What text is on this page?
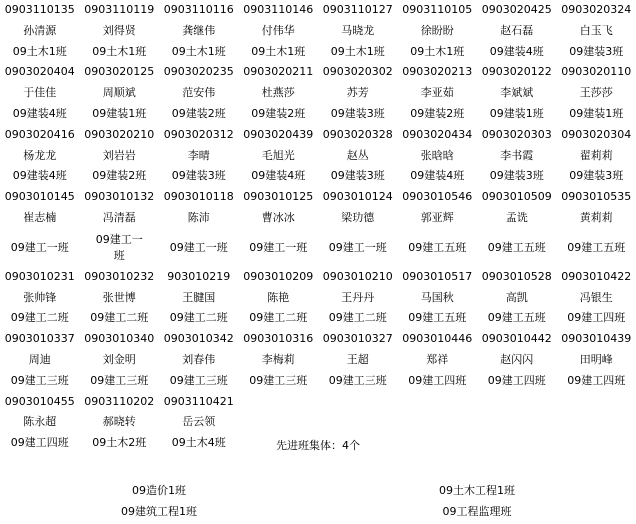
0903110135	0903110119	0903110116	0903110146	0903110127	0903110105	0903020425	0903020324
孙清源	刘得贤	龚继伟	付伟华	马晓龙	徐盼盼	赵石磊	白玉飞
09土木1班	09土木1班	09土木1班	09土木1班	09土木1班	09土木1班	09建装4班	09建装3班
0903020404	0903020125	0903020235	0903020211	0903020302	0903020213	0903020122	0903020110
于佳佳	周顺斌	范安伟	杜燕莎	苏芳	李亚茹	李斌斌	王莎莎
09建装4班	09建装1班	09建装2班	09建装2班	09建装3班	09建装2班	09建装1班	09建装1班
0903020416	0903020210	0903020312	0903020439	0903020328	0903020434	0903020303	0903020304
杨龙龙	刘岩岩	李晴	毛旭光	赵丛	张晗晗	李书霞	翟莉莉
09建装4班	09建装2班	09建装3班	09建装4班	09建装3班	09建装4班	09建装3班	09建装3班
0903010145	0903010132	0903010118	0903010125	0903010124	0903010546	0903010509	0903010535
崔志楠	冯清磊	陈沛	曹冰冰	梁玏德	郭亚辉	孟诜	黄莉莉
09建工一班	09建工一
班	09建工一班	09建工一班	09建工一班	09建工五班	09建工五班	09建工五班
0903010231	0903010232	903010219	0903010209	0903010210	0903010517	0903010528	0903010422
张帅锋	张世博	王腱国	陈艳	王丹丹	马国秋	高凯	冯银生
09建工二班	09建工二班	09建工二班	09建工二班	09建工二班	09建工五班	09建工五班	09建工四班
0903010337	0903010340	0903010342	0903010316	0903010327	0903010446	0903010442	0903010439
周迪	刘金明	刘春伟	李梅莉	王超	郑祥	赵闪闪	田明峰
09建工三班	09建工三班	09建工三班	09建工三班	09建工三班	09建工四班	09建工四班	09建工四班
0903010455	0903110202	0903110421					
陈永超	郝晓转	岳云领					
09建工四班	09土木2班	09土木4班						先进班集体：4个
09造价1班	09土木工程1班
09建筑工程1班	09工程监理班
